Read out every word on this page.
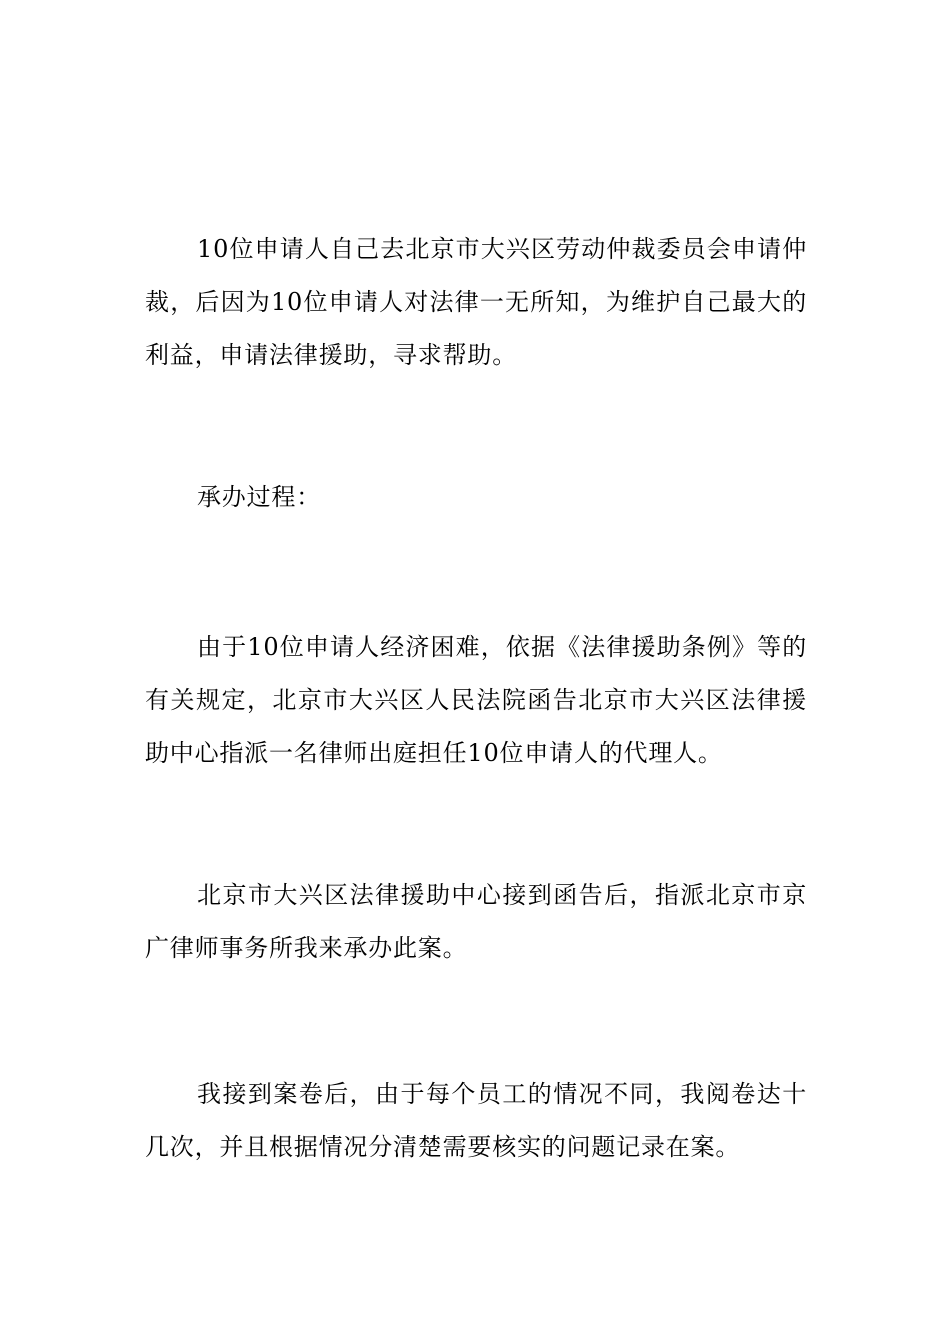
10位申请人自己去北京市大兴区劳动仲裁委员会申请仲裁，后因为10位申请人对法律一无所知，为维护自己最大的利益，申请法律援助，寻求帮助。

承办过程：

由于10位申请人经济困难，依据《法律援助条例》等的有关规定，北京市大兴区人民法院函告北京市大兴区法律援助中心指派一名律师出庭担任10位申请人的代理人。

北京市大兴区法律援助中心接到函告后，指派北京市京广律师事务所我来承办此案。

我接到案卷后，由于每个员工的情况不同，我阅卷达十几次，并且根据情况分清楚需要核实的问题记录在案。
